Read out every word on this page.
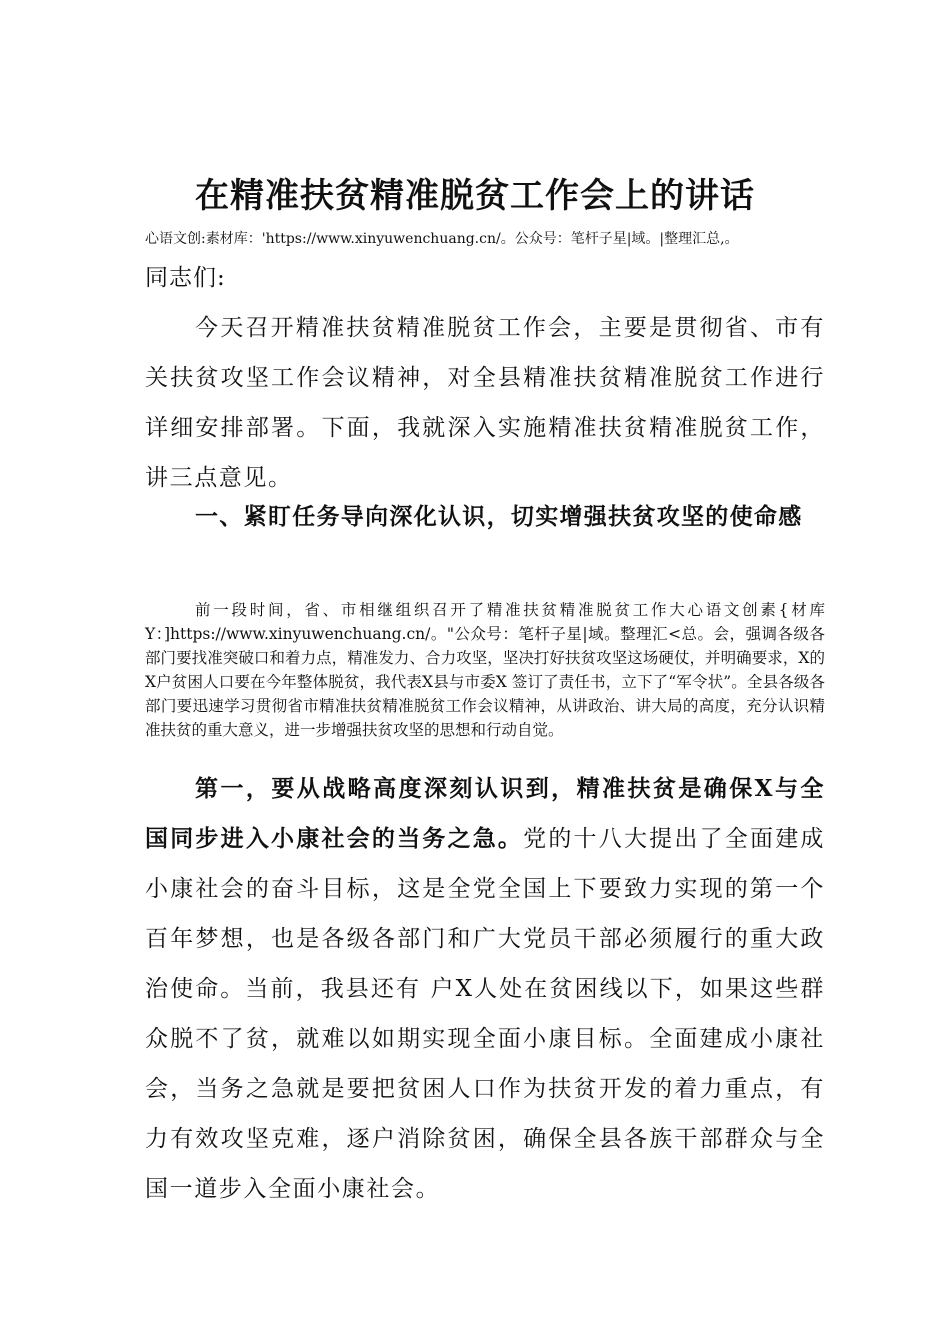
在精准扶贫精准脱贫工作会上的讲话

心语文创:素材库：'https://www.xinyuwenchuang.cn/。公众号：笔杆子星|域。|整理汇总,。

同志们:

今天召开精准扶贫精准脱贫工作会，主要是贯彻省、市有关扶贫攻坚工作会议精神，对全县精准扶贫精准脱贫工作进行详细安排部署。下面，我就深入实施精准扶贫精准脱贫工作，讲三点意见。

一、紧盯任务导向深化认识，切实增强扶贫攻坚的使命感

前一段时间，省、市相继组织召开了精准扶贫精准脱贫工作大心语文创素{材库Y：]https://www.xinyuwenchuang.cn/。"公众号：笔杆子星|域。整理汇<总。会，强调各级各部门要找准突破口和着力点，精准发力、合力攻坚，坚决打好扶贫攻坚这场硬仗，并明确要求，X的X户贫困人口要在今年整体脱贫，我代表X县与市委X 签订了责任书，立下了“军令状”。全县各级各部门要迅速学习贯彻省市精准扶贫精准脱贫工作会议精神，从讲政治、讲大局的高度，充分认识精准扶贫的重大意义，进一步增强扶贫攻坚的思想和行动自觉。

第一，要从战略高度深刻认识到，精准扶贫是确保X与全国同步进入小康社会的当务之急。党的十八大提出了全面建成小康社会的奋斗目标，这是全党全国上下要致力实现的第一个百年梦想，也是各级各部门和广大党员干部必须履行的重大政治使命。当前，我县还有 户X人处在贫困线以下，如果这些群众脱不了贫，就难以如期实现全面小康目标。全面建成小康社会，当务之急就是要把贫困人口作为扶贫开发的着力重点，有力有效攻坚克难，逐户消除贫困，确保全县各族干部群众与全国一道步入全面小康社会。
